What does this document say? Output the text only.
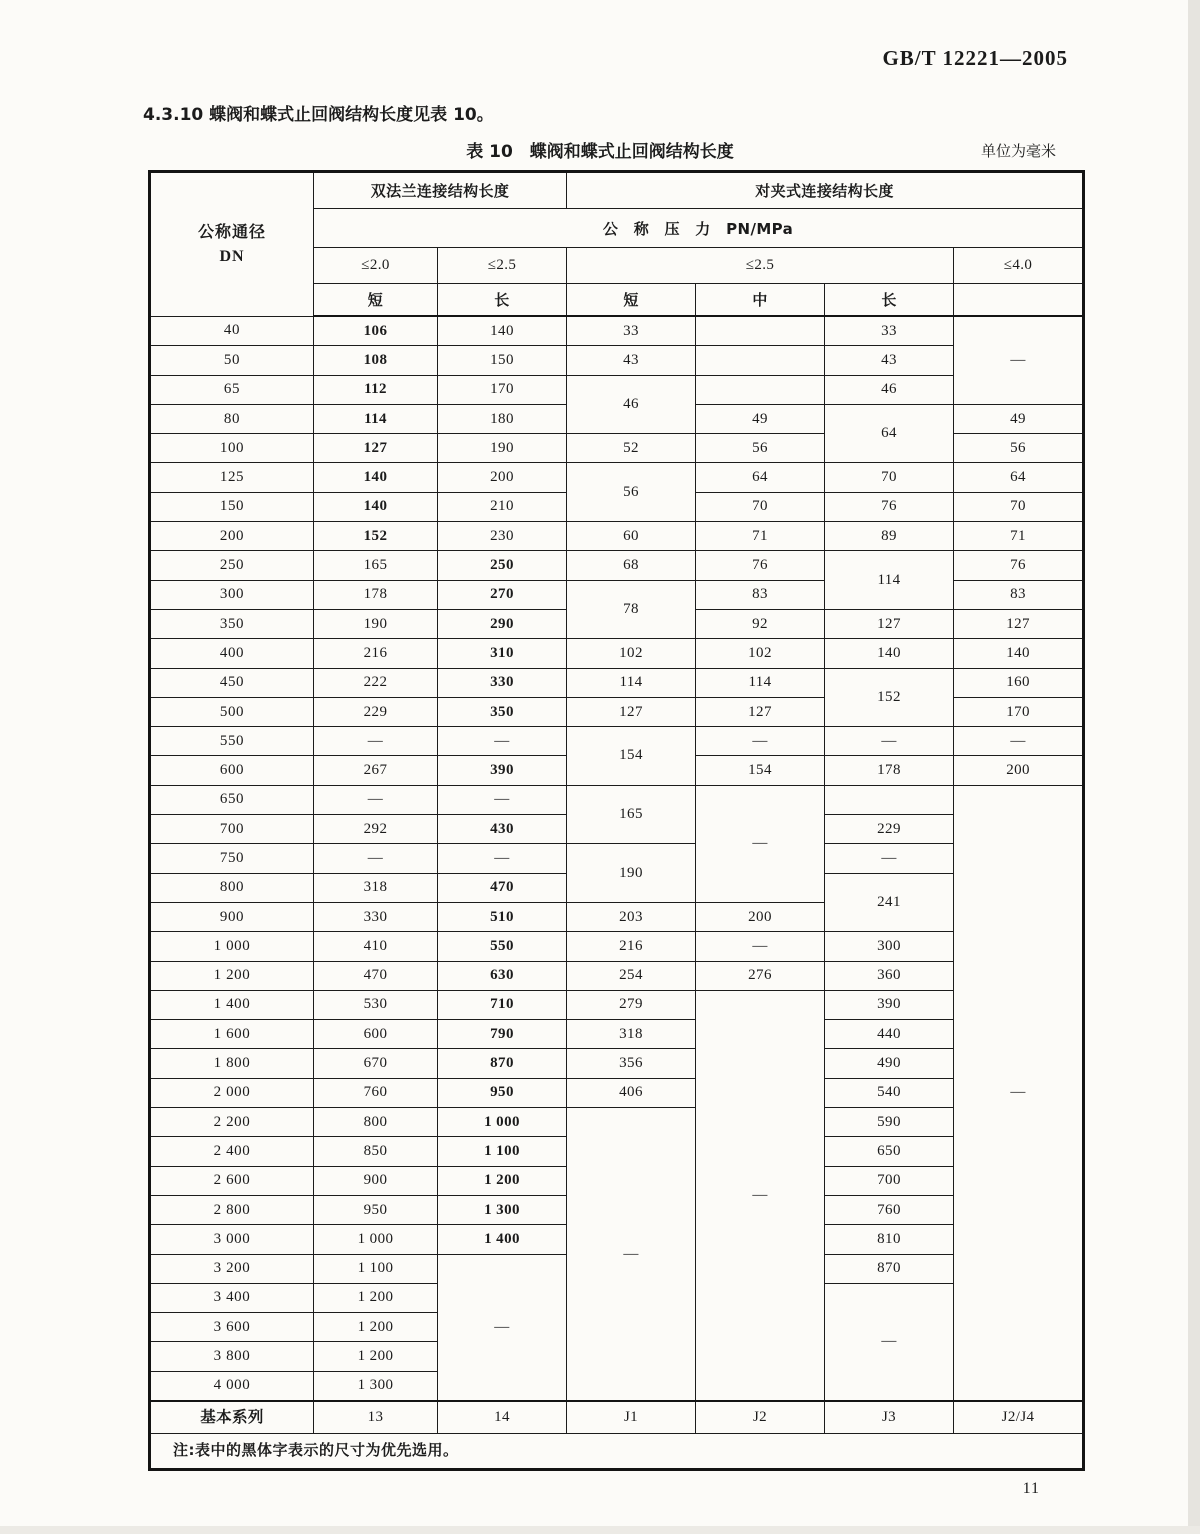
GB/T 12221—2005
4.3.10 蝶阀和蝶式止回阀结构长度见表 10。
表 10　蝶阀和蝶式止回阀结构长度	单位为毫米
公称通径
DN	双法兰连接结构长度		对夹式连接结构长度			
	公　称　压　力　PN/MPa					
	≤2.0	≤2.5	≤2.5			≤4.0
	短	长	短	中	长	
40	106	140	33		33	—
50	108	150	43		43	
65	112	170	46		46	
80	114	180		49	64	49
100	127	190	52	56		56
125	140	200	56	64	70	64
150	140	210		70	76	70
200	152	230	60	71	89	71
250	165	250	68	76	114	76
300	178	270	78	83		83
350	190	290		92	127	127
400	216	310	102	102	140	140
450	222	330	114	114	152	160
500	229	350	127	127		170
550	—	—	154	—	—	—
600	267	390		154	178	200
650	—	—	165	—		—
700	292	430			229	
750	—	—	190		—	
800	318	470			241	
900	330	510	203	200		
1 000	410	550	216	—	300	
1 200	470	630	254	276	360	
1 400	530	710	279	—	390	
1 600	600	790	318		440	
1 800	670	870	356		490	
2 000	760	950	406		540	
2 200	800	1 000	—		590	
2 400	850	1 100			650	
2 600	900	1 200			700	
2 800	950	1 300			760	
3 000	1 000	1 400			810	
3 200	1 100	—			870	
3 400	1 200				—	
3 600	1 200					
3 800	1 200					
4 000	1 300					
基本系列	13	14	J1	J2	J3	J2/J4
注:表中的黑体字表示的尺寸为优先选用。						
11
